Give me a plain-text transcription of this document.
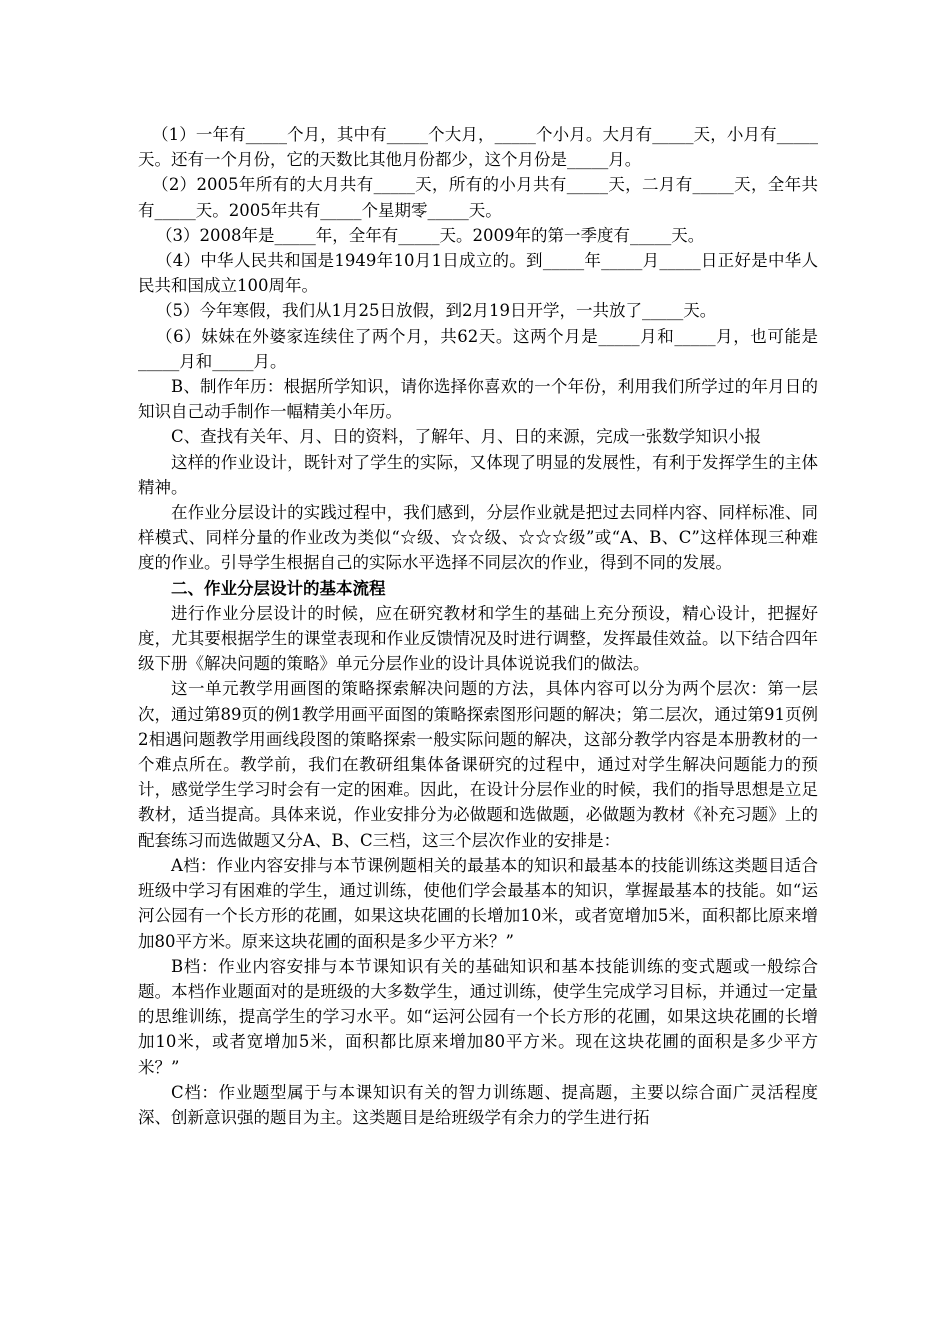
（1）一年有_____个月，其中有_____个大月，_____个小月。大月有_____天，小月有_____天。还有一个月份，它的天数比其他月份都少，这个月份是_____月。

（2）2005年所有的大月共有_____天，所有的小月共有_____天，二月有_____天，全年共有_____天。2005年共有_____个星期零_____天。

（3）2008年是_____年，全年有_____天。2009年的第一季度有_____天。

（4）中华人民共和国是1949年10月1日成立的。到_____年_____月_____日正好是中华人民共和国成立100周年。

（5）今年寒假，我们从1月25日放假，到2月19日开学，一共放了_____天。

（6）妹妹在外婆家连续住了两个月，共62天。这两个月是_____月和_____月，也可能是_____月和_____月。

B、制作年历：根据所学知识，请你选择你喜欢的一个年份，利用我们所学过的年月日的知识自己动手制作一幅精美小年历。

C、查找有关年、月、日的资料，了解年、月、日的来源，完成一张数学知识小报

这样的作业设计，既针对了学生的实际，又体现了明显的发展性，有利于发挥学生的主体精神。

在作业分层设计的实践过程中，我们感到，分层作业就是把过去同样内容、同样标准、同样模式、同样分量的作业改为类似“☆级、☆☆级、☆☆☆级”或“A、B、C”这样体现三种难度的作业。引导学生根据自己的实际水平选择不同层次的作业，得到不同的发展。

二、作业分层设计的基本流程

进行作业分层设计的时候，应在研究教材和学生的基础上充分预设，精心设计，把握好度，尤其要根据学生的课堂表现和作业反馈情况及时进行调整，发挥最佳效益。以下结合四年级下册《解决问题的策略》单元分层作业的设计具体说说我们的做法。

这一单元教学用画图的策略探索解决问题的方法，具体内容可以分为两个层次：第一层次，通过第89页的例1教学用画平面图的策略探索图形问题的解决；第二层次，通过第91页例2相遇问题教学用画线段图的策略探索一般实际问题的解决，这部分教学内容是本册教材的一个难点所在。教学前，我们在教研组集体备课研究的过程中，通过对学生解决问题能力的预计，感觉学生学习时会有一定的困难。因此，在设计分层作业的时候，我们的指导思想是立足教材，适当提高。具体来说，作业安排分为必做题和选做题，必做题为教材《补充习题》上的配套练习而选做题又分A、B、C三档，这三个层次作业的安排是：

A档：作业内容安排与本节课例题相关的最基本的知识和最基本的技能训练这类题目适合班级中学习有困难的学生，通过训练，使他们学会最基本的知识，掌握最基本的技能。如“运河公园有一个长方形的花圃，如果这块花圃的长增加10米，或者宽增加5米，面积都比原来增加80平方米。原来这块花圃的面积是多少平方米？”

B档：作业内容安排与本节课知识有关的基础知识和基本技能训练的变式题或一般综合题。本档作业题面对的是班级的大多数学生，通过训练，使学生完成学习目标，并通过一定量的思维训练，提高学生的学习水平。如“运河公园有一个长方形的花圃，如果这块花圃的长增加10米，或者宽增加5米，面积都比原来增加80平方米。现在这块花圃的面积是多少平方米？”

C档：作业题型属于与本课知识有关的智力训练题、提高题，主要以综合面广灵活程度深、创新意识强的题目为主。这类题目是给班级学有余力的学生进行拓
